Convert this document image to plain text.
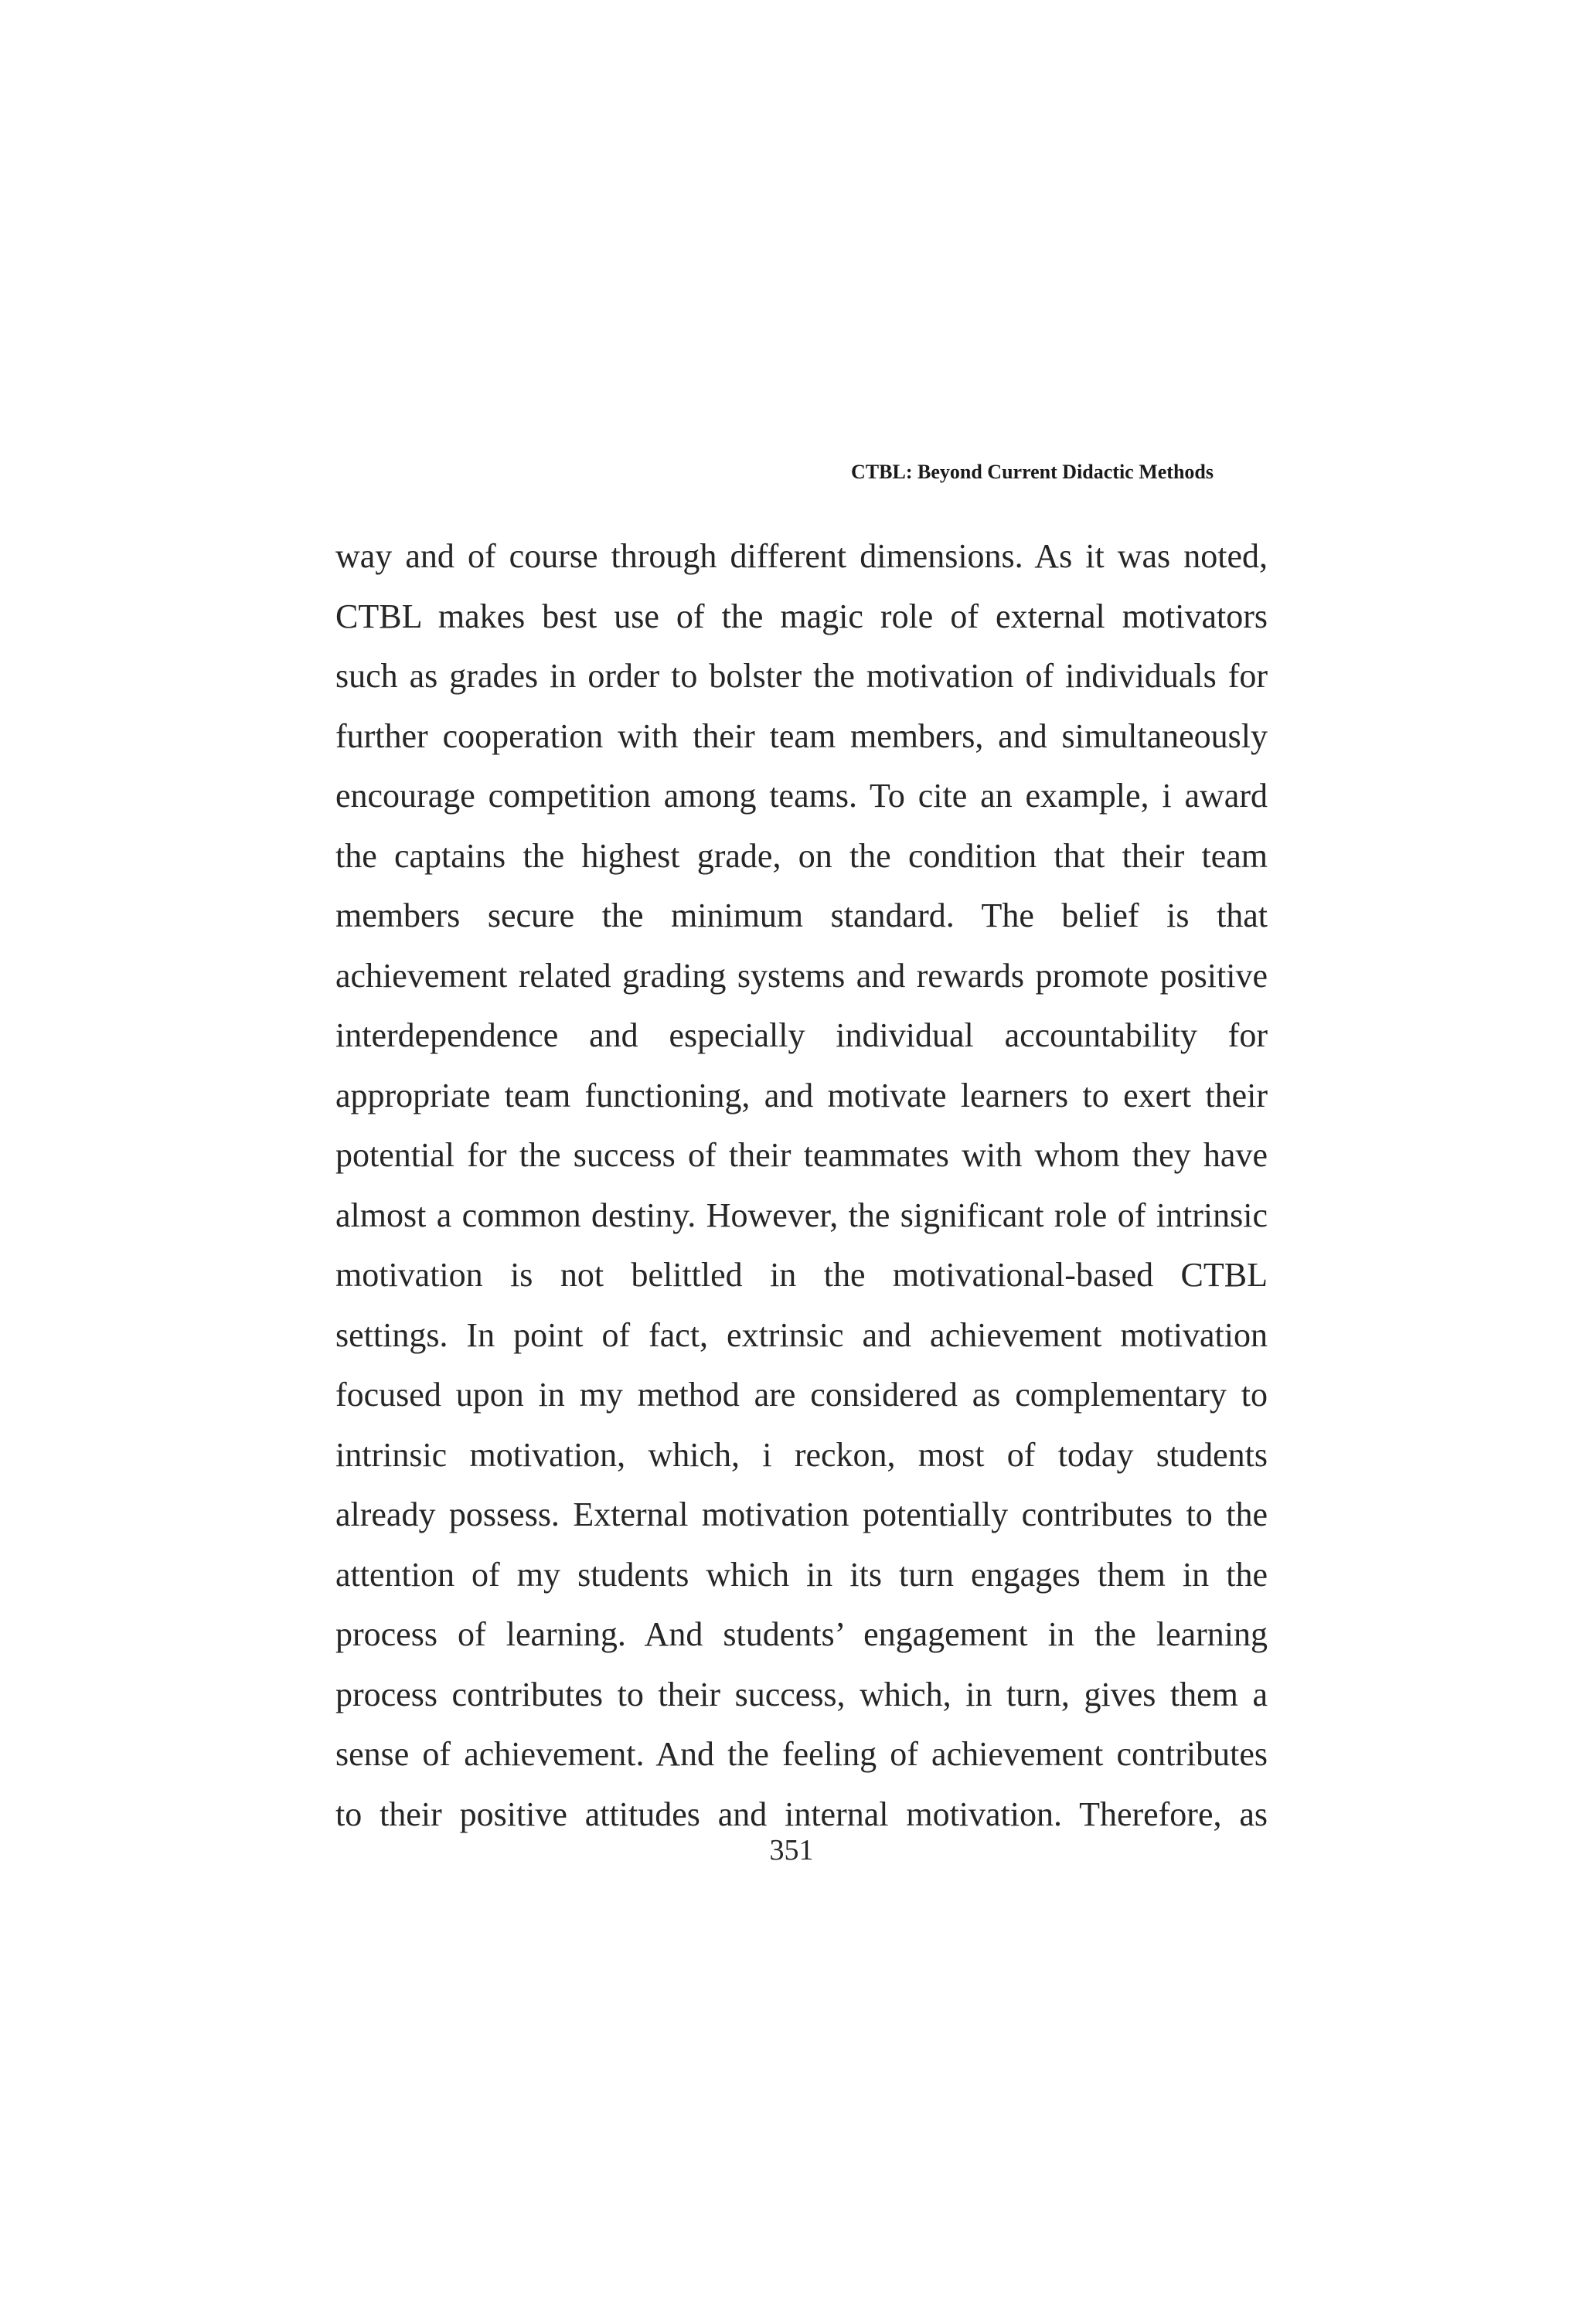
CTBL: Beyond Current Didactic Methods
way and of course through different dimensions. As it was noted,
CTBL makes best use of the magic role of external motivators
such as grades in order to bolster the motivation of individuals for
further cooperation with their team members, and simultaneously
encourage competition among teams. To cite an example, i award
the captains the highest grade, on the condition that their team
members secure the minimum standard. The belief is that
achievement related grading systems and rewards promote positive
interdependence and especially individual accountability for
appropriate team functioning, and motivate learners to exert their
potential for the success of their teammates with whom they have
almost a common destiny. However, the significant role of intrinsic
motivation is not belittled in the motivational-based CTBL
settings. In point of fact, extrinsic and achievement motivation
focused upon in my method are considered as complementary to
intrinsic motivation, which, i reckon, most of today students
already possess. External motivation potentially contributes to the
attention of my students which in its turn engages them in the
process of learning. And students’ engagement in the learning
process contributes to their success, which, in turn, gives them a
sense of achievement. And the feeling of achievement contributes
to their positive attitudes and internal motivation. Therefore, as
351
